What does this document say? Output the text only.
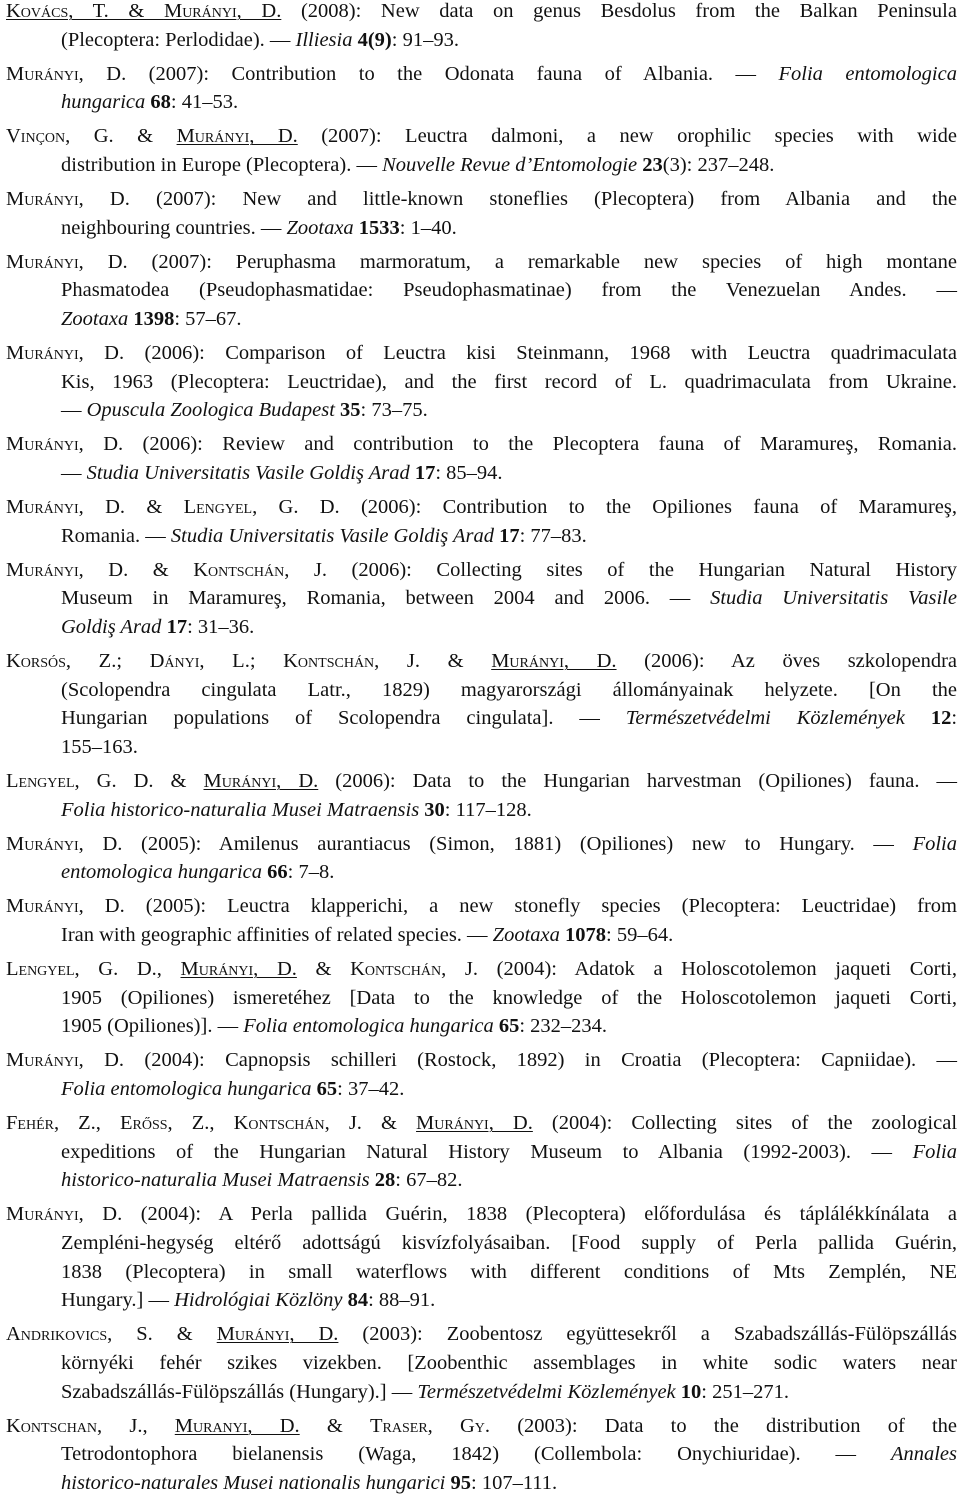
Kovács, T. & Murányi, D. (2008): New data on genus Besdolus from the Balkan Peninsula
(Plecoptera: Perlodidae). — Illiesia 4(9): 91–93.
Murányi, D. (2007): Contribution to the Odonata fauna of Albania. — Folia entomologica
hungarica 68: 41–53.
Vinçon, G. & Murányi, D. (2007): Leuctra dalmoni, a new orophilic species with wide
distribution in Europe (Plecoptera). — Nouvelle Revue d’Entomologie 23(3): 237–248.
Murányi, D. (2007): New and little-known stoneflies (Plecoptera) from Albania and the
neighbouring countries. — Zootaxa 1533: 1–40.
Murányi, D. (2007): Peruphasma marmoratum, a remarkable new species of high montane
Phasmatodea (Pseudophasmatidae: Pseudophasmatinae) from the Venezuelan Andes. —
Zootaxa 1398: 57–67.
Murányi, D. (2006): Comparison of Leuctra kisi Steinmann, 1968 with Leuctra quadrimaculata
Kis, 1963 (Plecoptera: Leuctridae), and the first record of L. quadrimaculata from Ukraine.
— Opuscula Zoologica Budapest 35: 73–75.
Murányi, D. (2006): Review and contribution to the Plecoptera fauna of Maramureş, Romania.
— Studia Universitatis Vasile Goldiş Arad 17: 85–94.
Murányi, D. & Lengyel, G. D. (2006): Contribution to the Opiliones fauna of Maramureş,
Romania. — Studia Universitatis Vasile Goldiş Arad 17: 77–83.
Murányi, D. & Kontschán, J. (2006): Collecting sites of the Hungarian Natural History
Museum in Maramureş, Romania, between 2004 and 2006. — Studia Universitatis Vasile
Goldiş Arad 17: 31–36.
Korsós, Z.; Dányi, L.; Kontschán, J. & Murányi, D. (2006): Az öves szkolopendra
(Scolopendra cingulata Latr., 1829) magyarországi állományainak helyzete. [On the
Hungarian populations of Scolopendra cingulata]. — Természetvédelmi Közlemények 12:
155–163.
Lengyel, G. D. & Murányi, D. (2006): Data to the Hungarian harvestman (Opiliones) fauna. —
Folia historico-naturalia Musei Matraensis 30: 117–128.
Murányi, D. (2005): Amilenus aurantiacus (Simon, 1881) (Opiliones) new to Hungary. — Folia
entomologica hungarica 66: 7–8.
Murányi, D. (2005): Leuctra klapperichi, a new stonefly species (Plecoptera: Leuctridae) from
Iran with geographic affinities of related species. — Zootaxa 1078: 59–64.
Lengyel, G. D., Murányi, D. & Kontschán, J. (2004): Adatok a Holoscotolemon jaqueti Corti,
1905 (Opiliones) ismeretéhez [Data to the knowledge of the Holoscotolemon jaqueti Corti,
1905 (Opiliones)]. — Folia entomologica hungarica 65: 232–234.
Murányi, D. (2004): Capnopsis schilleri (Rostock, 1892) in Croatia (Plecoptera: Capniidae). —
Folia entomologica hungarica 65: 37–42.
Fehér, Z., Erőss, Z., Kontschán, J. & Murányi, D. (2004): Collecting sites of the zoological
expeditions of the Hungarian Natural History Museum to Albania (1992-2003). — Folia
historico-naturalia Musei Matraensis 28: 67–82.
Murányi, D. (2004): A Perla pallida Guérin, 1838 (Plecoptera) előfordulása és táplálékkínálata a
Zempléni-hegység eltérő adottságú kisvízfolyásaiban. [Food supply of Perla pallida Guérin,
1838 (Plecoptera) in small waterflows with different conditions of Mts Zemplén, NE
Hungary.] — Hidrológiai Közlöny 84: 88–91.
Andrikovics, S. & Murányi, D. (2003): Zoobentosz együttesekről a Szabadszállás-Fülöpszállás
környéki fehér szikes vizekben. [Zoobenthic assemblages in white sodic waters near
Szabadszállás-Fülöpszállás (Hungary).] — Természetvédelmi Közlemények 10: 251–271.
Kontschan, J., Muranyi, D. & Traser, Gy. (2003): Data to the distribution of the
Tetrodontophora bielanensis (Waga, 1842) (Collembola: Onychiuridae). — Annales
historico-naturales Musei nationalis hungarici 95: 107–111.
